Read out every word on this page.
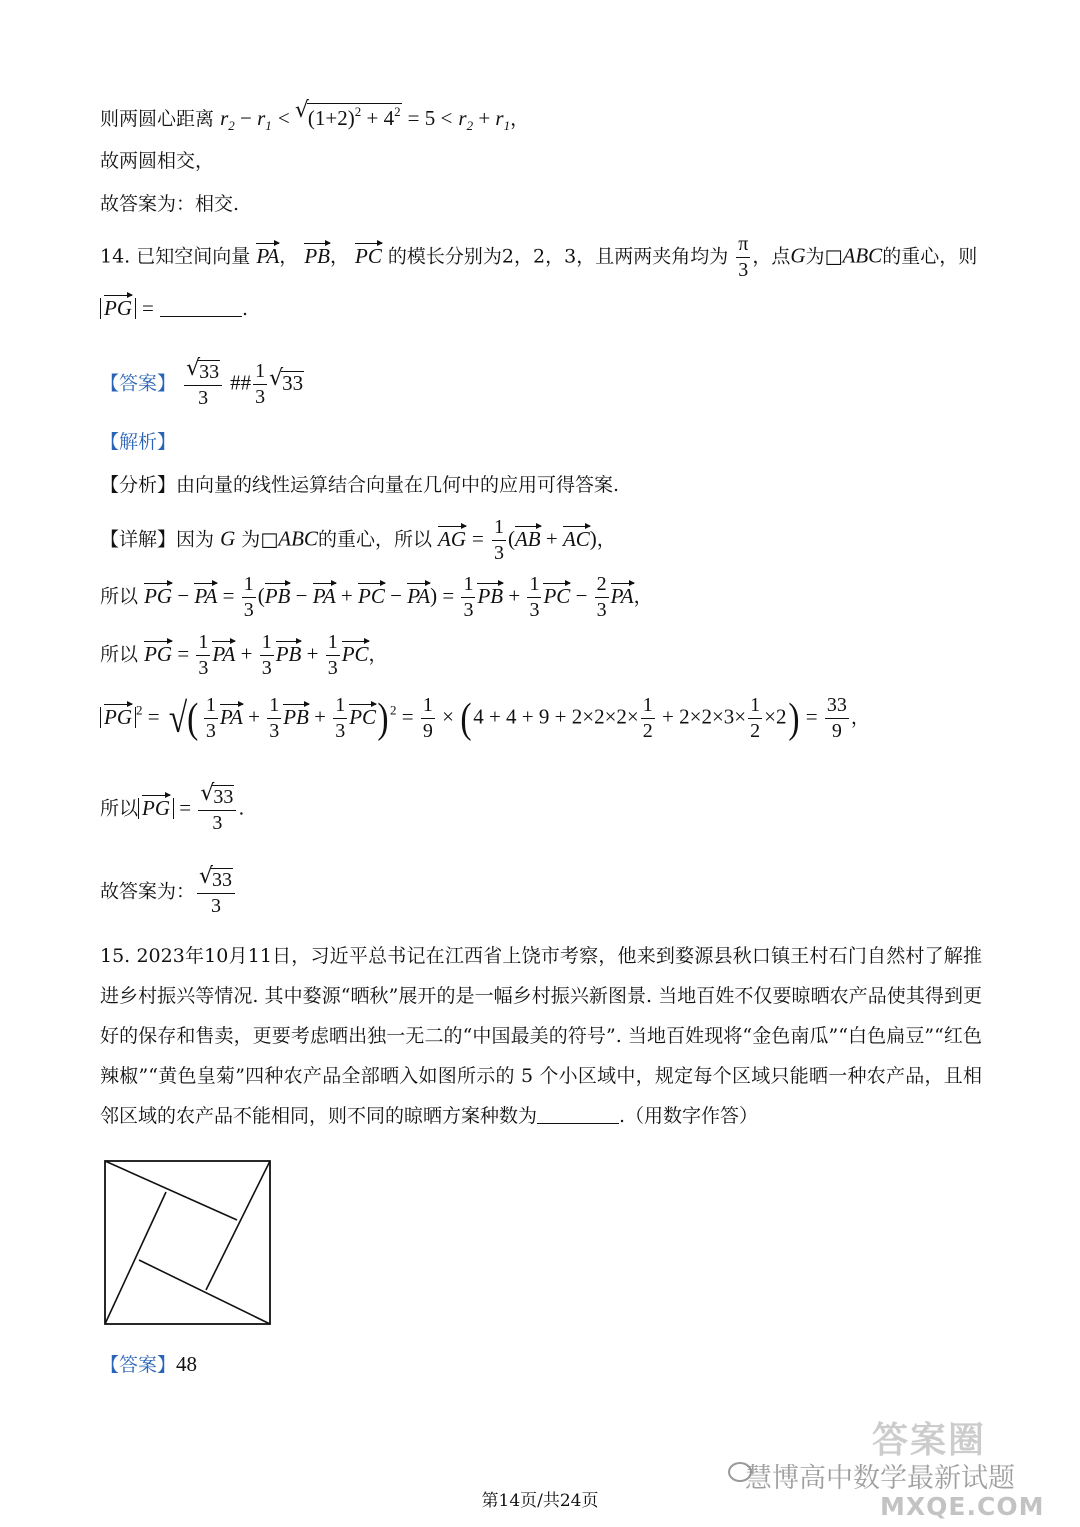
则两圆心距离 $r_2 - r_1$ < √
$(1+2)^2 + 4^2 = 5 < r_2 + r_1$，
故两圆相交，
故答案为：相交.
14. 已知空间向量 PA， PB， PC 的模长分别为2，2，3，且两两夹角均为 $\frac{\pi}{3}$ ，点G为□ABC的重心，则
PG =	.
【答案】 √
33
3 ## $\frac{1}{3}$ √
33
【解析】
【分析】由向量的线性运算结合向量在几何中的应用可得答案.
【详解】因为 G 为□ABC的重心，所以 AG = $\frac{1}{3} (AB + AC)$，
所以 PG − PA = $\frac{1}{3} (PB$ − PA + PC − $PA) = \frac{1}{3}$ PB + $\frac{1}{3}$ PC − $\frac{2}{3}$ PA，
所以 PG = $\frac{1}{3}$ PA + $\frac{1}{3}$ PB + $\frac{1}{3}$ PC，
PG $^2$ = √( $\frac{1}{3}$ PA + $\frac{1}{3}$ PB + $\frac{1}{3} PC)^2 = \frac{1}{9} \times (4 + 4 + 9 + 2\times 2\times 2\times \frac{1}{2} + 2\times 2\times 3\times \frac{1}{2} \times 2) = \frac{33}{9}$ ，
所以 PG = √
33
3 .
故答案为： √
33
3
15. 2023年10月11日，习近平总书记在江西省上饶市考察，他来到婺源县秋口镇王村石门自然村了解推进乡村振兴等情况. 其中婺源“晒秋”展开的是一幅乡村振兴新图景. 当地百姓不仅要晾晒农产品使其得到更好的保存和售卖，更要考虑晒出独一无二的“中国最美的符号”. 当地百姓现将“金色南瓜”“白色扁豆”“红色辣椒”“黄色皇菊”四种农产品全部晒入如图所示的 5 个小区域中，规定每个区域只能晒一种农产品，且相邻区域的农产品不能相同，则不同的晾晒方案种数为	.（用数字作答）
【答案】48
慧博高中数学最新试题
答案圈
MXQE.COM
第14页/共24页
